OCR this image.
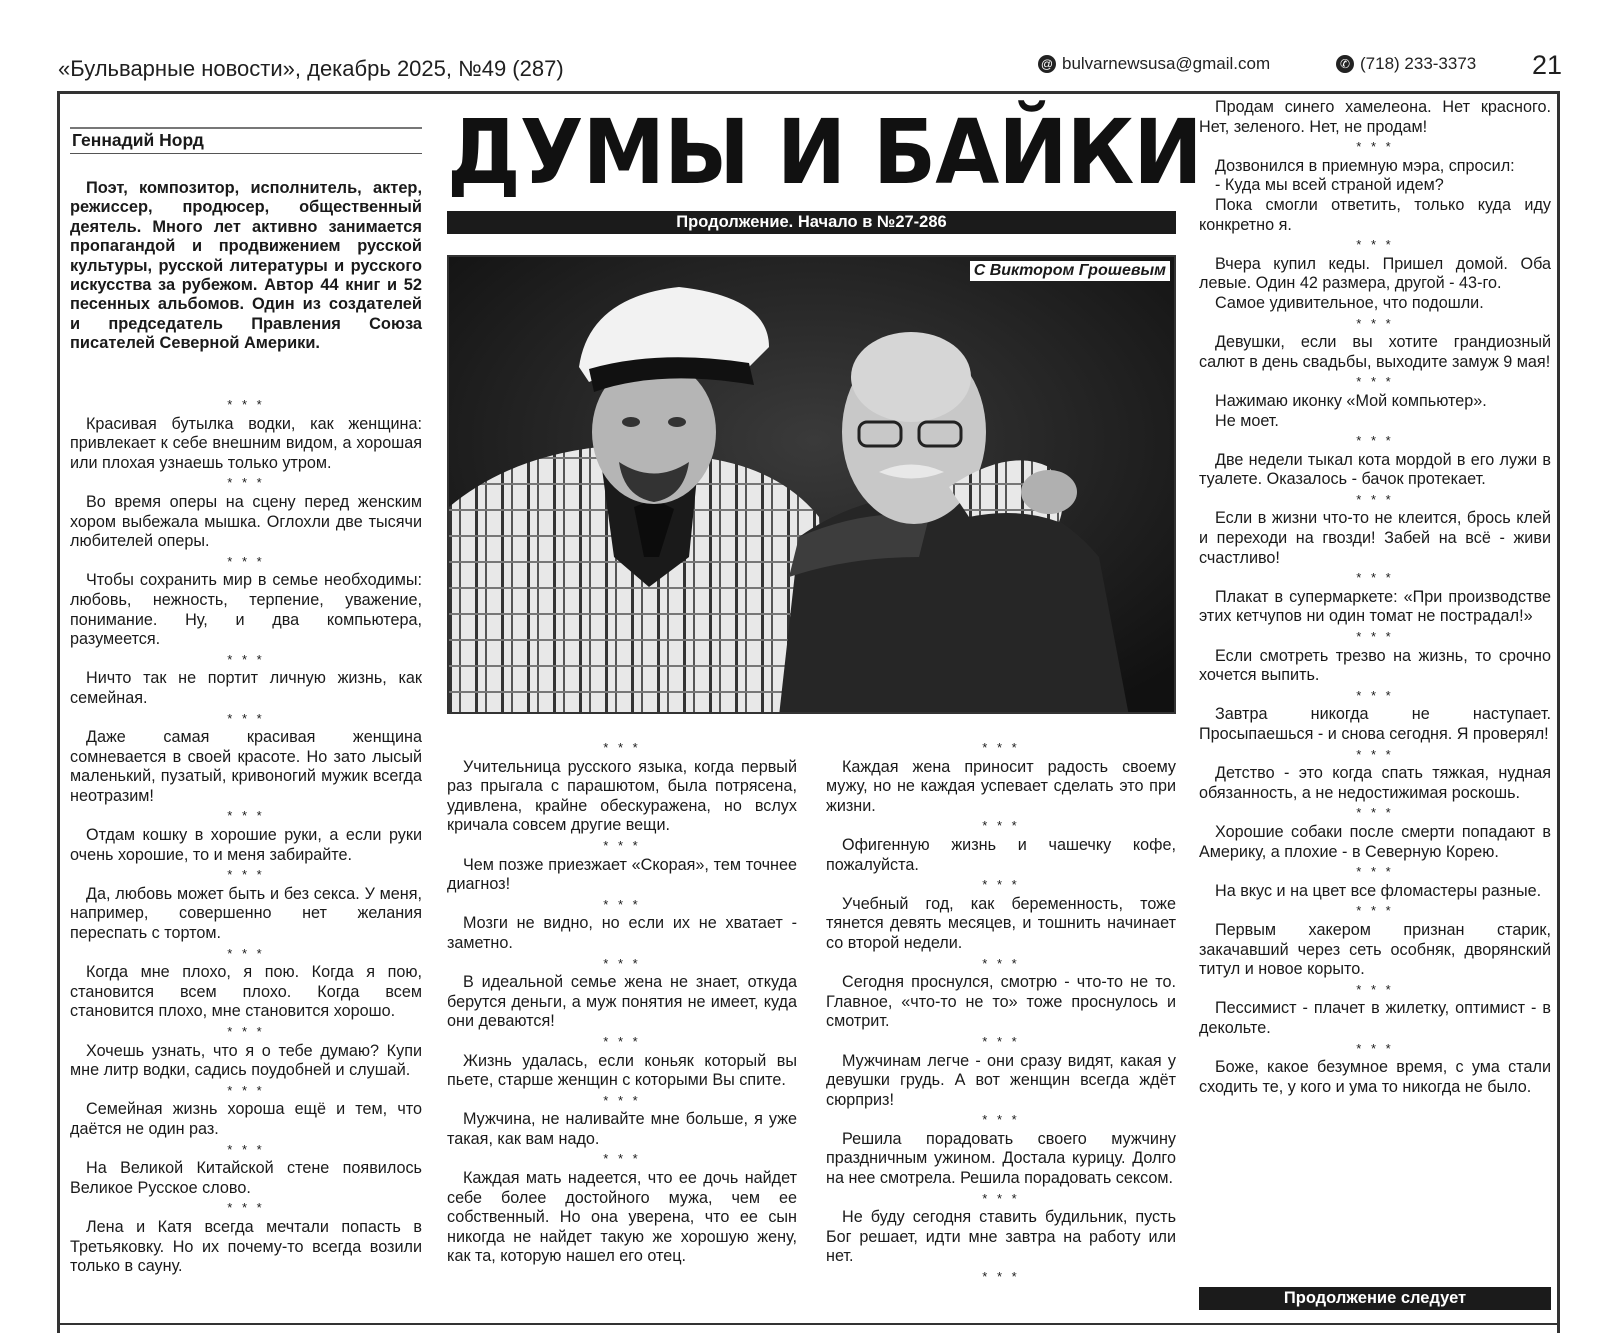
«Бульварные новости», декабрь 2025, №49 (287)	@ bulvarnewsusa@gmail.com	✆ (718) 233-3373 21
Геннадий Норд

Поэт, композитор, исполнитель, актер, режиссер, продюсер, общественный деятель. Много лет активно занимается пропагандой и продвижением русской культуры, русской литературы и русского искусства за рубежом. Автор 44 книг и 52 песенных альбомов. Один из создателей и председатель Правления Союза писателей Северной Америки.

* * *

Красивая бутылка водки, как женщина: привлекает к себе внешним видом, а хорошая или плохая узнаешь только утром.

* * *

Во время оперы на сцену перед женским хором выбежала мышка. Оглохли две тысячи любителей оперы.

* * *

Чтобы сохранить мир в семье необходимы: любовь, нежность, терпение, уважение, понимание. Ну, и два компьютера, разумеется.

* * *

Ничто так не портит личную жизнь, как семейная.

* * *

Даже самая красивая женщина сомневается в своей красоте. Но зато лысый маленький, пузатый, кривоногий мужик всегда неотразим!

* * *

Отдам кошку в хорошие руки, а если руки очень хорошие, то и меня забирайте.

* * *

Да, любовь может быть и без секса. У меня, например, совершенно нет желания переспать с тортом.

* * *

Когда мне плохо, я пою. Когда я пою, становится всем плохо. Когда всем становится плохо, мне становится хорошо.

* * *

Хочешь узнать, что я о тебе думаю? Купи мне литр водки, садись поудобней и слушай.

* * *

Семейная жизнь хороша ещё и тем, что даётся не один раз.

* * *

На Великой Китайской стене появилось Великое Русское слово.

* * *

Лена и Катя всегда мечтали попасть в Третьяковку. Но их почему-то всегда возили только в сауну.

ДУМЫ И БАЙКИ
Продолжение. Начало в №27-286
С Виктором Грошевым
* * *

Учительница русского языка, когда первый раз прыгала с парашютом, была потрясена, удивлена, крайне обескуражена, но вслух кричала совсем другие вещи.

* * *

Чем позже приезжает «Скорая», тем точнее диагноз!

* * *

Мозги не видно, но если их не хватает - заметно.

* * *

В идеальной семье жена не знает, откуда берутся деньги, а муж понятия не имеет, куда они деваются!

* * *

Жизнь удалась, если коньяк который вы пьете, старше женщин с которыми Вы спите.

* * *

Мужчина, не наливайте мне больше, я уже такая, как вам надо.

* * *

Каждая мать надеется, что ее дочь найдет себе более достойного мужа, чем ее собственный. Но она уверена, что ее сын никогда не найдет такую же хорошую жену, как та, которую нашел его отец.

* * *

Каждая жена приносит радость своему мужу, но не каждая успевает сделать это при жизни.

* * *

Офигенную жизнь и чашечку кофе, пожалуйста.

* * *

Учебный год, как беременность, тоже тянется девять месяцев, и тошнить начинает со второй недели.

* * *

Сегодня проснулся, смотрю - что-то не то. Главное, «что-то не то» тоже проснулось и смотрит.

* * *

Мужчинам легче - они сразу видят, какая у девушки грудь. А вот женщин всегда ждёт сюрприз!

* * *

Решила порадовать своего мужчину праздничным ужином. Достала курицу. Долго на нее смотрела. Решила порадовать сексом.

* * *

Не буду сегодня ставить будильник, пусть Бог решает, идти мне завтра на работу или нет.

* * *

Продам синего хамелеона. Нет красного. Нет, зеленого. Нет, не продам!

* * *

Дозвонился в приемную мэра, спросил:

- Куда мы всей страной идем?

Пока смогли ответить, только куда иду конкретно я.

* * *

Вчера купил кеды. Пришел домой. Оба левые. Один 42 размера, другой - 43-го.

Самое удивительное, что подошли.

* * *

Девушки, если вы хотите грандиозный салют в день свадьбы, выходите замуж 9 мая!

* * *

Нажимаю иконку «Мой компьютер».

Не моет.

* * *

Две недели тыкал кота мордой в его лужи в туалете. Оказалось - бачок протекает.

* * *

Если в жизни что-то не клеится, брось клей и переходи на гвозди! Забей на всё - живи счастливо!

* * *

Плакат в супермаркете: «При производстве этих кетчупов ни один томат не пострадал!»

* * *

Если смотреть трезво на жизнь, то срочно хочется выпить.

* * *

Завтра никогда не наступает. Просыпаешься - и снова сегодня. Я проверял!

* * *

Детство - это когда спать тяжкая, нудная обязанность, а не недостижимая роскошь.

* * *

Хорошие собаки после смерти попадают в Америку, а плохие - в Северную Корею.

* * *

На вкус и на цвет все фломастеры разные.

* * *

Первым хакером признан старик, закачавший через сеть особняк, дворянский титул и новое корыто.

* * *

Пессимист - плачет в жилетку, оптимист - в декольте.

* * *

Боже, какое безумное время, с ума стали сходить те, у кого и ума то никогда не было.

Продолжение следует
